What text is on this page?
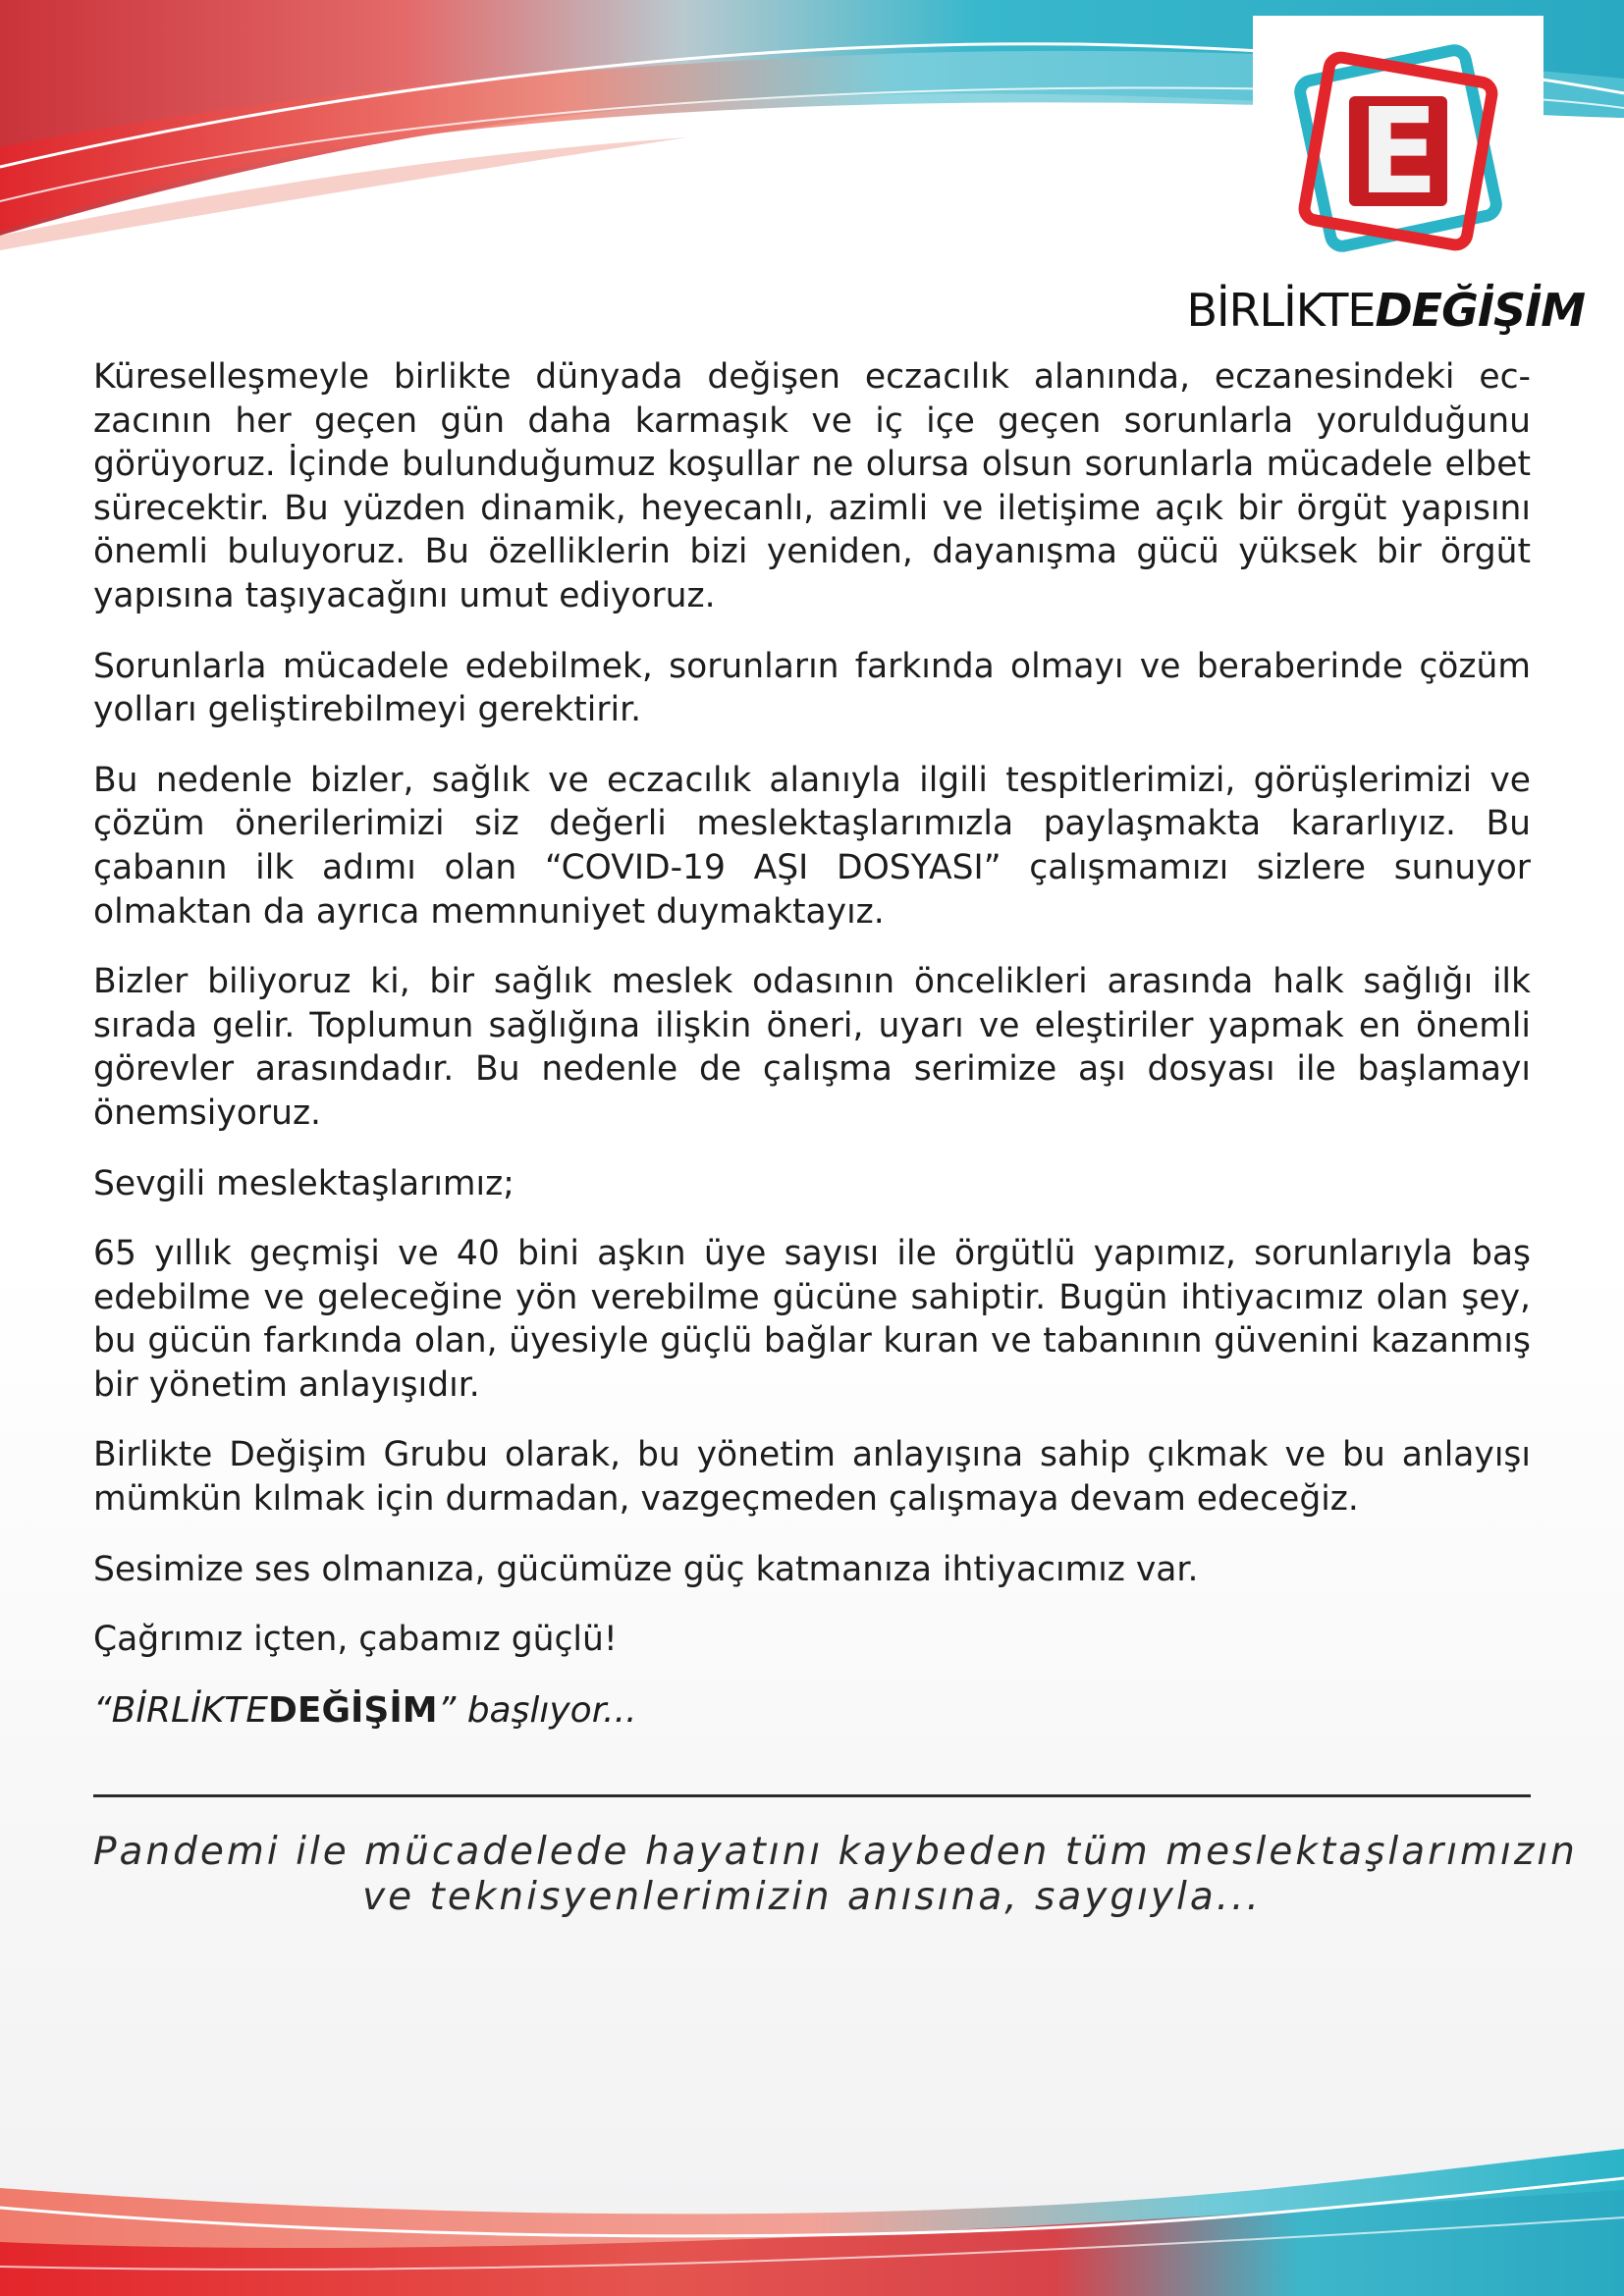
E
BİRLİKTEDEĞİŞİM

Küreselleşmeyle birlikte dünyada değişen eczacılık alanında, eczanesindeki eczacının her geçen gün daha karmaşık ve iç içe geçen sorunlarla yorulduğunu görüyoruz. İçinde bulunduğumuz koşullar ne olursa olsun sorunlarla mücadele elbet sürecektir. Bu yüzden dinamik, heyecanlı, azimli ve iletişime açık bir örgüt yapısını önemli buluyoruz. Bu özelliklerin bizi yeniden, dayanışma gücü yüksek bir örgüt yapısına taşıyacağını umut ediyoruz.

Sorunlarla mücadele edebilmek, sorunların farkında olmayı ve beraberinde çözüm yolları geliştirebilmeyi gerektirir.

Bu nedenle bizler, sağlık ve eczacılık alanıyla ilgili tespitlerimizi, görüşlerimizi ve çözüm önerilerimizi siz değerli meslektaşlarımızla paylaşmakta kararlıyız. Bu çabanın ilk adımı olan “COVID-19 AŞI DOSYASI” çalışmamızı sizlere sunuyor olmaktan da ayrıca memnuniyet duymaktayız.

Bizler biliyoruz ki, bir sağlık meslek odasının öncelikleri arasında halk sağlığı ilk sırada gelir. Toplumun sağlığına ilişkin öneri, uyarı ve eleştiriler yapmak en önemli görevler arasındadır. Bu nedenle de çalışma serimize aşı dosyası ile başlamayı önemsiyoruz.

Sevgili meslektaşlarımız;

65 yıllık geçmişi ve 40 bini aşkın üye sayısı ile örgütlü yapımız, sorunlarıyla baş edebilme ve geleceğine yön verebilme gücüne sahiptir. Bugün ihtiyacımız olan şey, bu gücün farkında olan, üyesiyle güçlü bağlar kuran ve tabanının güvenini kazanmış bir yönetim anlayışıdır.

Birlikte Değişim Grubu olarak, bu yönetim anlayışına sahip çıkmak ve bu anlayışı mümkün kılmak için durmadan, vazgeçmeden çalışmaya devam edeceğiz.

Sesimize ses olmanıza, gücümüze güç katmanıza ihtiyacımız var.

Çağrımız içten, çabamız güçlü!

“BİRLİKTEDEĞİŞİM” başlıyor...

Pandemi ile mücadelede hayatını kaybeden tüm meslektaşlarımızın
ve teknisyenlerimizin anısına, saygıyla...
